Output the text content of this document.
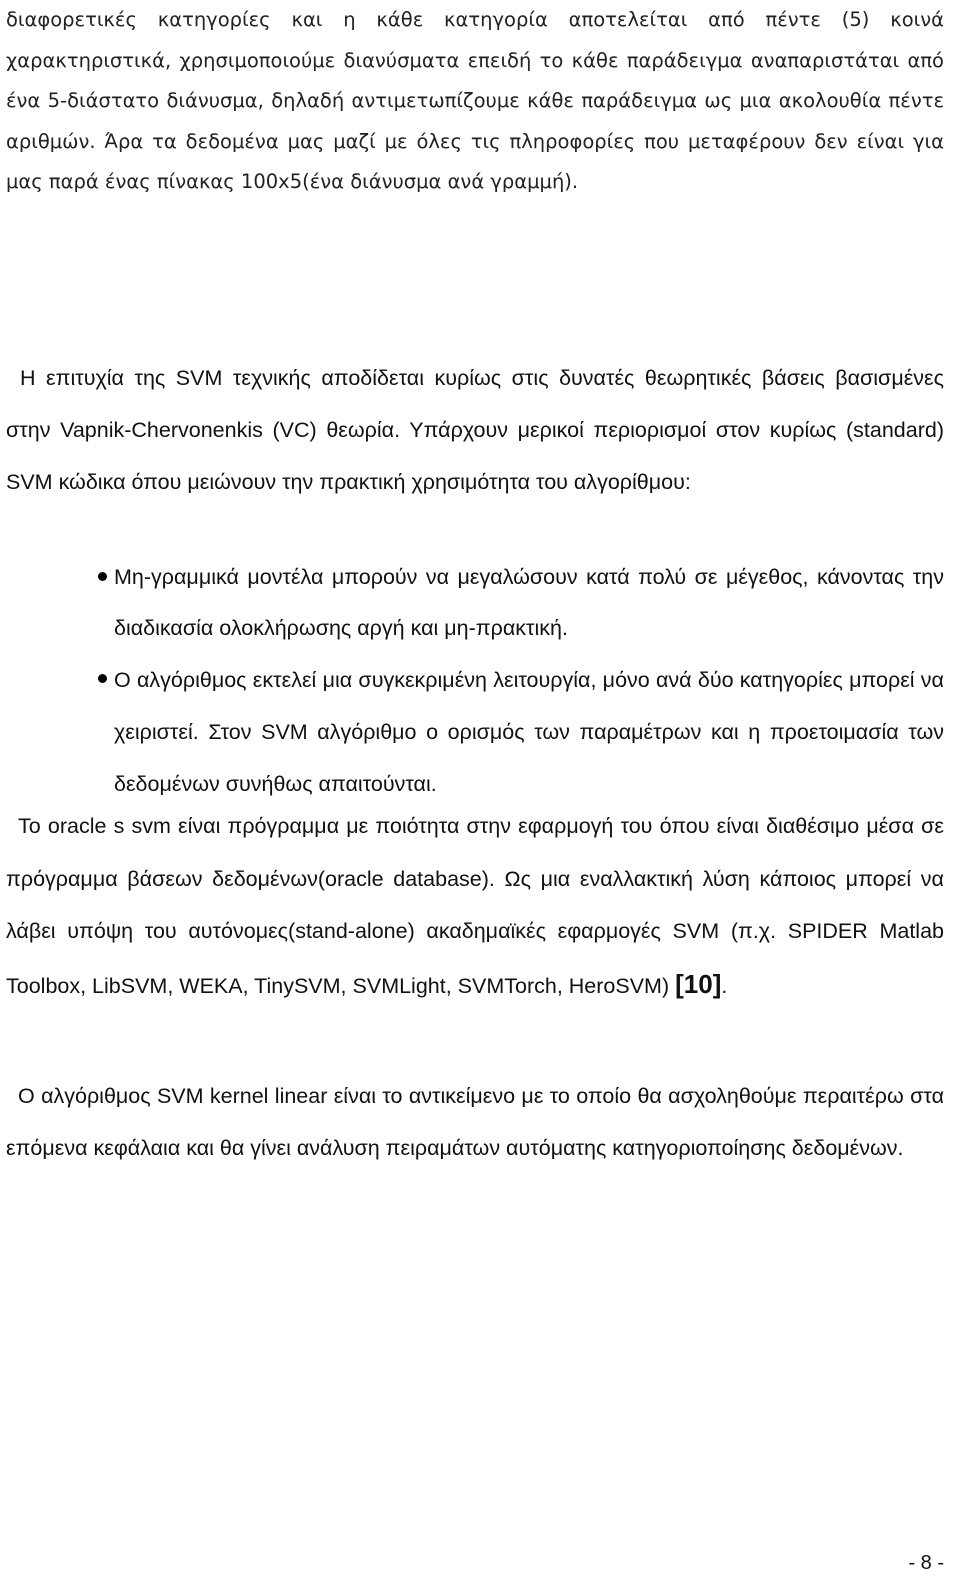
διαφορετικές κατηγορίες και η κάθε κατηγορία αποτελείται από πέντε (5) κοινά χαρακτηριστικά, χρησιμοποιούμε διανύσματα επειδή το κάθε παράδειγμα αναπαριστάται από ένα 5-διάστατο διάνυσμα, δηλαδή αντιμετωπίζουμε κάθε παράδειγμα ως μια ακολουθία πέντε αριθμών. Άρα τα δεδομένα μας μαζί με όλες τις πληροφορίες που μεταφέρουν δεν είναι για μας παρά ένας πίνακας 100x5(ένα διάνυσμα ανά γραμμή).

Η επιτυχία της SVM τεχνικής αποδίδεται κυρίως στις δυνατές θεωρητικές βάσεις βασισμένες στην Vapnik-Chervonenkis (VC) θεωρία. Υπάρχουν μερικοί περιορισμοί στον κυρίως (standard) SVM κώδικα όπου μειώνουν την πρακτική χρησιμότητα του αλγορίθμου:

Μη-γραμμικά μοντέλα μπορούν να μεγαλώσουν κατά πολύ σε μέγεθος, κάνοντας την διαδικασία ολοκλήρωσης αργή και μη-πρακτική.
Ο αλγόριθμος εκτελεί μια συγκεκριμένη λειτουργία, μόνο ανά δύο κατηγορίες μπορεί να χειριστεί. Στον SVM αλγόριθμο ο ορισμός των παραμέτρων και η προετοιμασία των δεδομένων συνήθως απαιτούνται.

Το oracle s svm είναι πρόγραμμα με ποιότητα στην εφαρμογή του όπου είναι διαθέσιμο μέσα σε πρόγραμμα βάσεων δεδομένων(oracle database). Ως μια εναλλακτική λύση κάποιος μπορεί να λάβει υπόψη του αυτόνομες(stand-alone) ακαδημαϊκές εφαρμογές SVM (π.χ. SPIDER Matlab Toolbox, LibSVM, WEKA, TinySVM, SVMLight, SVMTorch, HeroSVM) [10].

Ο αλγόριθμος SVM kernel linear είναι το αντικείμενο με το οποίο θα ασχοληθούμε περαιτέρω στα επόμενα κεφάλαια και θα γίνει ανάλυση πειραμάτων αυτόματης κατηγοριοποίησης δεδομένων.

- 8 -
